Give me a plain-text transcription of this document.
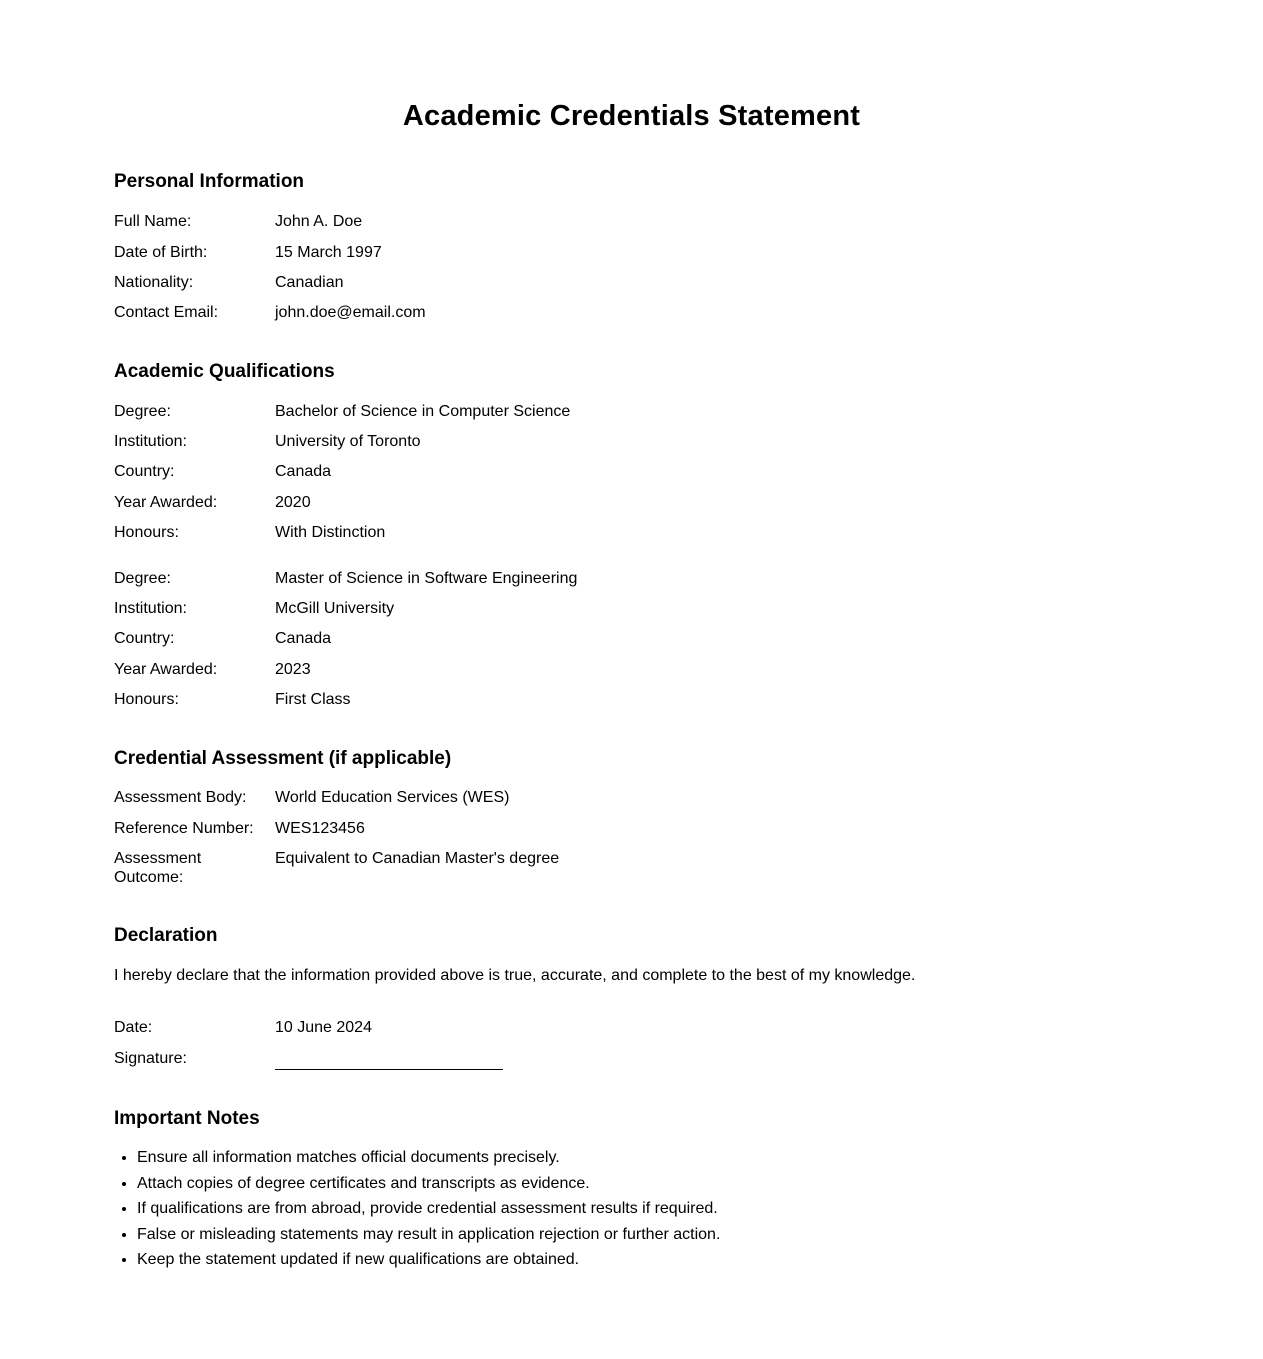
Academic Credentials Statement
Personal Information
Full Name:	John A. Doe
Date of Birth:	15 March 1997
Nationality:	Canadian
Contact Email:	john.doe@email.com
Academic Qualifications
Degree:	Bachelor of Science in Computer Science
Institution:	University of Toronto
Country:	Canada
Year Awarded:	2020
Honours:	With Distinction
Degree:	Master of Science in Software Engineering
Institution:	McGill University
Country:	Canada
Year Awarded:	2023
Honours:	First Class
Credential Assessment (if applicable)
Assessment Body:	World Education Services (WES)
Reference Number:	WES123456
Assessment Outcome:
Equivalent to Canadian Master's degree
Declaration

I hereby declare that the information provided above is true, accurate, and complete to the best of my knowledge.

Date:	10 June 2024
Signature:
Important Notes
• Ensure all information matches official documents precisely.
• Attach copies of degree certificates and transcripts as evidence.
• If qualifications are from abroad, provide credential assessment results if required.
• False or misleading statements may result in application rejection or further action.
• Keep the statement updated if new qualifications are obtained.
